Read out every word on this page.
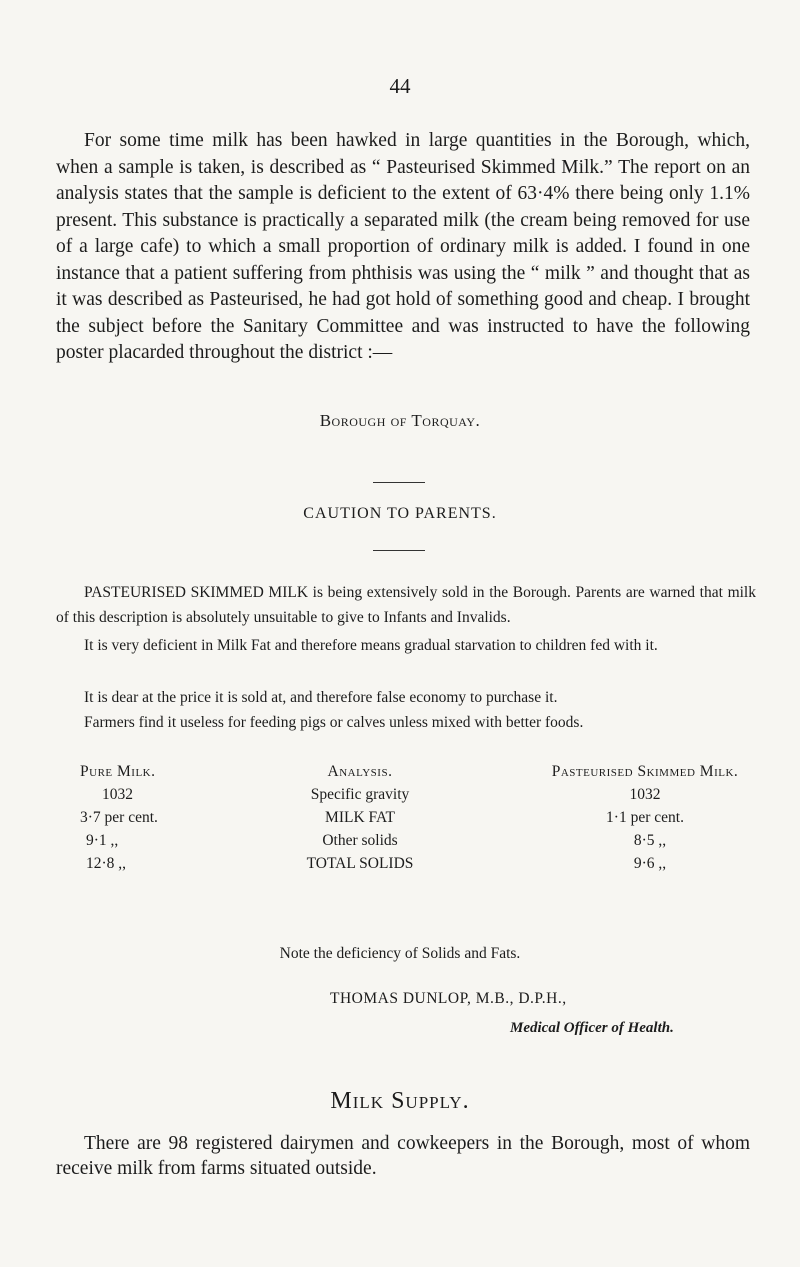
44

For some time milk has been hawked in large quantities in the Borough, which, when a sample is taken, is described as “ Pasteurised Skimmed Milk.” The report on an analysis states that the sample is deficient to the extent of 63·4% there being only 1.1% present. This substance is practically a separated milk (the cream being removed for use of a large cafe) to which a small proportion of ordinary milk is added. I found in one instance that a patient suffering from phthisis was using the “ milk ” and thought that as it was described as Pasteurised, he had got hold of something good and cheap. I brought the subject before the Sanitary Committee and was instructed to have the following poster placarded throughout the district :—

Borough of Torquay.
CAUTION TO PARENTS.

PASTEURISED SKIMMED MILK is being extensively sold in the Borough. Parents are warned that milk of this description is absolutely unsuitable to give to Infants and Invalids.

It is very deficient in Milk Fat and therefore means gradual starvation to children fed with it.

It is dear at the price it is sold at, and therefore false economy to purchase it.

Farmers find it useless for feeding pigs or calves unless mixed with better foods.

Pure Milk.
1032
3·7 per cent.
9·1 ,,
12·8 ,,
Analysis.
Specific gravity
MILK FAT
Other solids
TOTAL SOLIDS
Pasteurised Skimmed Milk.
1032
1·1 per cent.
8·5 ,,
9·6 ,,
Note the deficiency of Solids and Fats.
THOMAS DUNLOP, M.B., D.P.H.,
Medical Officer of Health.
Milk Supply.

There are 98 registered dairymen and cowkeepers in the Borough, most of whom receive milk from farms situated outside.
